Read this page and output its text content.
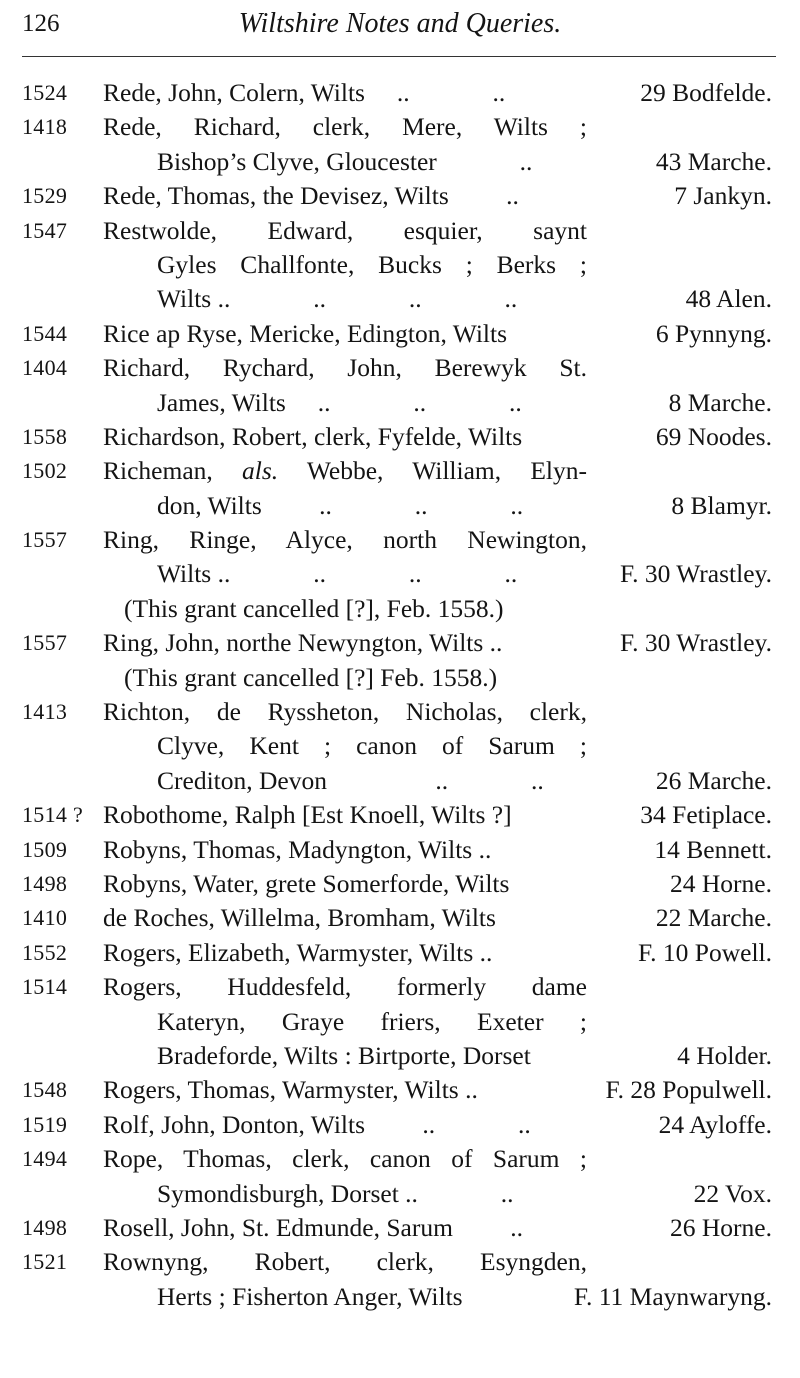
126	Wiltshire Notes and Queries.
1524 Rede, John, Colern, Wilts  ..    ..	29 Bodfelde.
1418 Rede, Richard, clerk, Mere, Wilts ;
Bishop’s Clyve, Gloucester    ..	43 Marche.
1529 Rede, Thomas, the Devisez, Wilts   ..	7 Jankyn.
1547 Restwolde, Edward, esquier, saynt
Gyles Challfonte, Bucks ; Berks ;
Wilts ..    ..    ..    ..	48 Alen.
1544 Rice ap Ryse, Mericke, Edington, Wilts	6 Pynnyng.
1404 Richard, Rychard, John, Berewyk St.
James, Wilts  ..    ..    ..	8 Marche.
1558 Richardson, Robert, clerk, Fyfelde, Wilts	69 Noodes.
1502 Richeman, als. Webbe, William, Elyn-
don, Wilts   ..    ..    ..	8 Blamyr.
1557 Ring, Ringe, Alyce, north Newington,
Wilts ..    ..    ..    ..	F. 30 Wrastley.
(This grant cancelled [?], Feb. 1558.)
1557 Ring, John, northe Newyngton, Wilts ..	F. 30 Wrastley.
(This grant cancelled [?] Feb. 1558.)
1413 Richton, de Ryssheton, Nicholas, clerk,
Clyve, Kent ; canon of Sarum ;
Crediton, Devon     ..    ..	26 Marche.
1514 ? Robothome, Ralph [Est Knoell, Wilts ?]	34 Fetiplace.
1509 Robyns, Thomas, Madyngton, Wilts ..	14 Bennett.
1498 Robyns, Water, grete Somerforde, Wilts	24 Horne.
1410 de Roches, Willelma, Bromham, Wilts	22 Marche.
1552 Rogers, Elizabeth, Warmyster, Wilts ..	F. 10 Powell.
1514 Rogers, Huddesfeld, formerly dame
Kateryn, Graye friers, Exeter ;
Bradeforde, Wilts : Birtporte, Dorset	4 Holder.
1548 Rogers, Thomas, Warmyster, Wilts ..	F. 28 Populwell.
1519 Rolf, John, Donton, Wilts   ..    ..	24 Ayloffe.
1494 Rope, Thomas, clerk, canon of Sarum ;
Symondisburgh, Dorset ..    ..	22 Vox.
1498 Rosell, John, St. Edmunde, Sarum   ..	26 Horne.
1521 Rownyng, Robert, clerk, Esyngden,
Herts ; Fisherton Anger, Wilts	F. 11 Maynwaryng.
